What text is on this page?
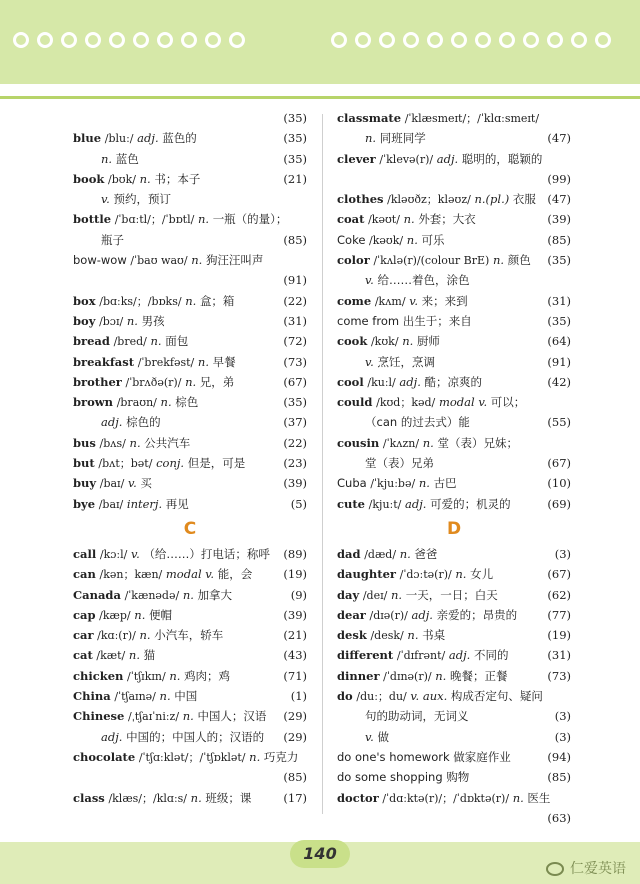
(35)
blue /bluː/ adj. 蓝色的	(35)
n. 蓝色	(35)
book /bʊk/ n. 书；本子	(21)
v. 预约，预订
bottle /ˈbɑːtl/；/ˈbɒtl/ n. 一瓶（的量）；
瓶子	(85)
bow-wow /ˈbaʊ waʊ/ n. 狗汪汪叫声
(91)
box /bɑːks/；/bɒks/ n. 盒；箱	(22)
boy /bɔɪ/ n. 男孩	(31)
bread /bred/ n. 面包	(72)
breakfast /ˈbrekfəst/ n. 早餐	(73)
brother /ˈbrʌðə(r)/ n. 兄，弟	(67)
brown /braʊn/ n. 棕色	(35)
adj. 棕色的	(37)
bus /bʌs/ n. 公共汽车	(22)
but /bʌt；bət/ conj. 但是，可是	(23)
buy /baɪ/ v. 买	(39)
bye /baɪ/ interj. 再见	(5)
C
call /kɔːl/ v. （给……）打电话；称呼 (89)
can /kən；kæn/ modal v. 能，会	(19)
Canada /ˈkænədə/ n. 加拿大	(9)
cap /kæp/ n. 便帽	(39)
car /kɑː(r)/ n. 小汽车，轿车	(21)
cat /kæt/ n. 猫	(43)
chicken /ˈtʃɪkɪn/ n. 鸡肉；鸡	(71)
China /ˈtʃaɪnə/ n. 中国	(1)
Chinese /ˌtʃaɪˈniːz/ n. 中国人；汉语 (29)
adj. 中国的；中国人的；汉语的 (29)
chocolate /ˈtʃɑːklət/；/ˈtʃɒklət/ n. 巧克力
(85)
class /klæs/；/klɑːs/ n. 班级；课	(17)
classmate /ˈklæsmeɪt/；/ˈklɑːsmeɪt/
n. 同班同学	(47)
clever /ˈklevə(r)/ adj. 聪明的，聪颖的
(99)
clothes /kləʊðz；kləʊz/ n.(pl.) 衣服 (47)
coat /kəʊt/ n. 外套；大衣	(39)
Coke /kəʊk/ n. 可乐	(85)
color /ˈkʌlə(r)/(colour BrE) n. 颜色 (35)
v. 给……着色，涂色
come /kʌm/ v. 来；来到	(31)
come from 出生于；来自	(35)
cook /kʊk/ n. 厨师	(64)
v. 烹饪，烹调	(91)
cool /kuːl/ adj. 酷；凉爽的	(42)
could /kʊd；kəd/ modal v. 可以；
（can 的过去式）能	(55)
cousin /ˈkʌzn/ n. 堂（表）兄妹；
堂（表）兄弟	(67)
Cuba /ˈkjuːbə/ n. 古巴	(10)
cute /kjuːt/ adj. 可爱的；机灵的	(69)
D
dad /dæd/ n. 爸爸	(3)
daughter /ˈdɔːtə(r)/ n. 女儿	(67)
day /deɪ/ n. 一天，一日；白天	(62)
dear /dɪə(r)/ adj. 亲爱的；昂贵的	(77)
desk /desk/ n. 书桌	(19)
different /ˈdɪfrənt/ adj. 不同的	(31)
dinner /ˈdɪnə(r)/ n. 晚餐；正餐	(73)
do /duː；du/ v. aux. 构成否定句、疑问
句的助动词，无词义	(3)
v. 做	(3)
do one's homework 做家庭作业	(94)
do some shopping 购物	(85)
doctor /ˈdɑːktə(r)/；/ˈdɒktə(r)/ n. 医生
(63)
140
仁爱英语
